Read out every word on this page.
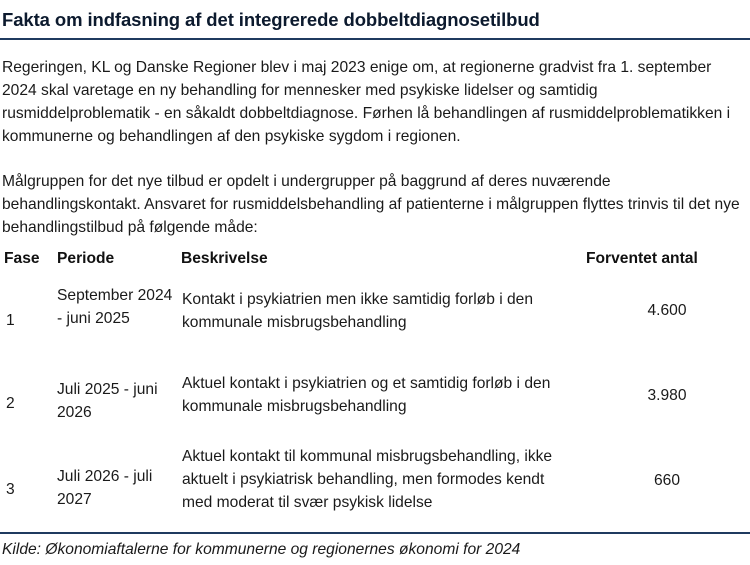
Fakta om indfasning af det integrerede dobbeltdiagnosetilbud
Regeringen, KL og Danske Regioner blev i maj 2023 enige om, at regionerne gradvist fra 1. september 2024 skal varetage en ny behandling for mennesker med psykiske lidelser og samtidig rusmiddelproblematik - en såkaldt dobbeltdiagnose. Førhen lå behandlingen af rusmiddelproblematikken i kommunerne og behandlingen af den psykiske sygdom i regionen.
Målgruppen for det nye tilbud er opdelt i undergrupper på baggrund af deres nuværende behandlingskontakt. Ansvaret for rusmiddelsbehandling af patienterne i målgruppen flyttes trinvis til det nye behandlingstilbud på følgende måde:
Fase Periode	Beskrivelse	Forventet antal
1
September 2024 - juni 2025
Kontakt i psykiatrien men ikke samtidig forløb i den kommunale misbrugsbehandling
4.600
2
Juli 2025 - juni 2026
Aktuel kontakt i psykiatrien og et samtidig forløb i den kommunale misbrugsbehandling
3.980
3
Juli 2026 - juli 2027
Aktuel kontakt til kommunal misbrugsbehandling, ikke aktuelt i psykiatrisk behandling, men formodes kendt med moderat til svær psykisk lidelse
660
Kilde: Økonomiaftalerne for kommunerne og regionernes økonomi for 2024
